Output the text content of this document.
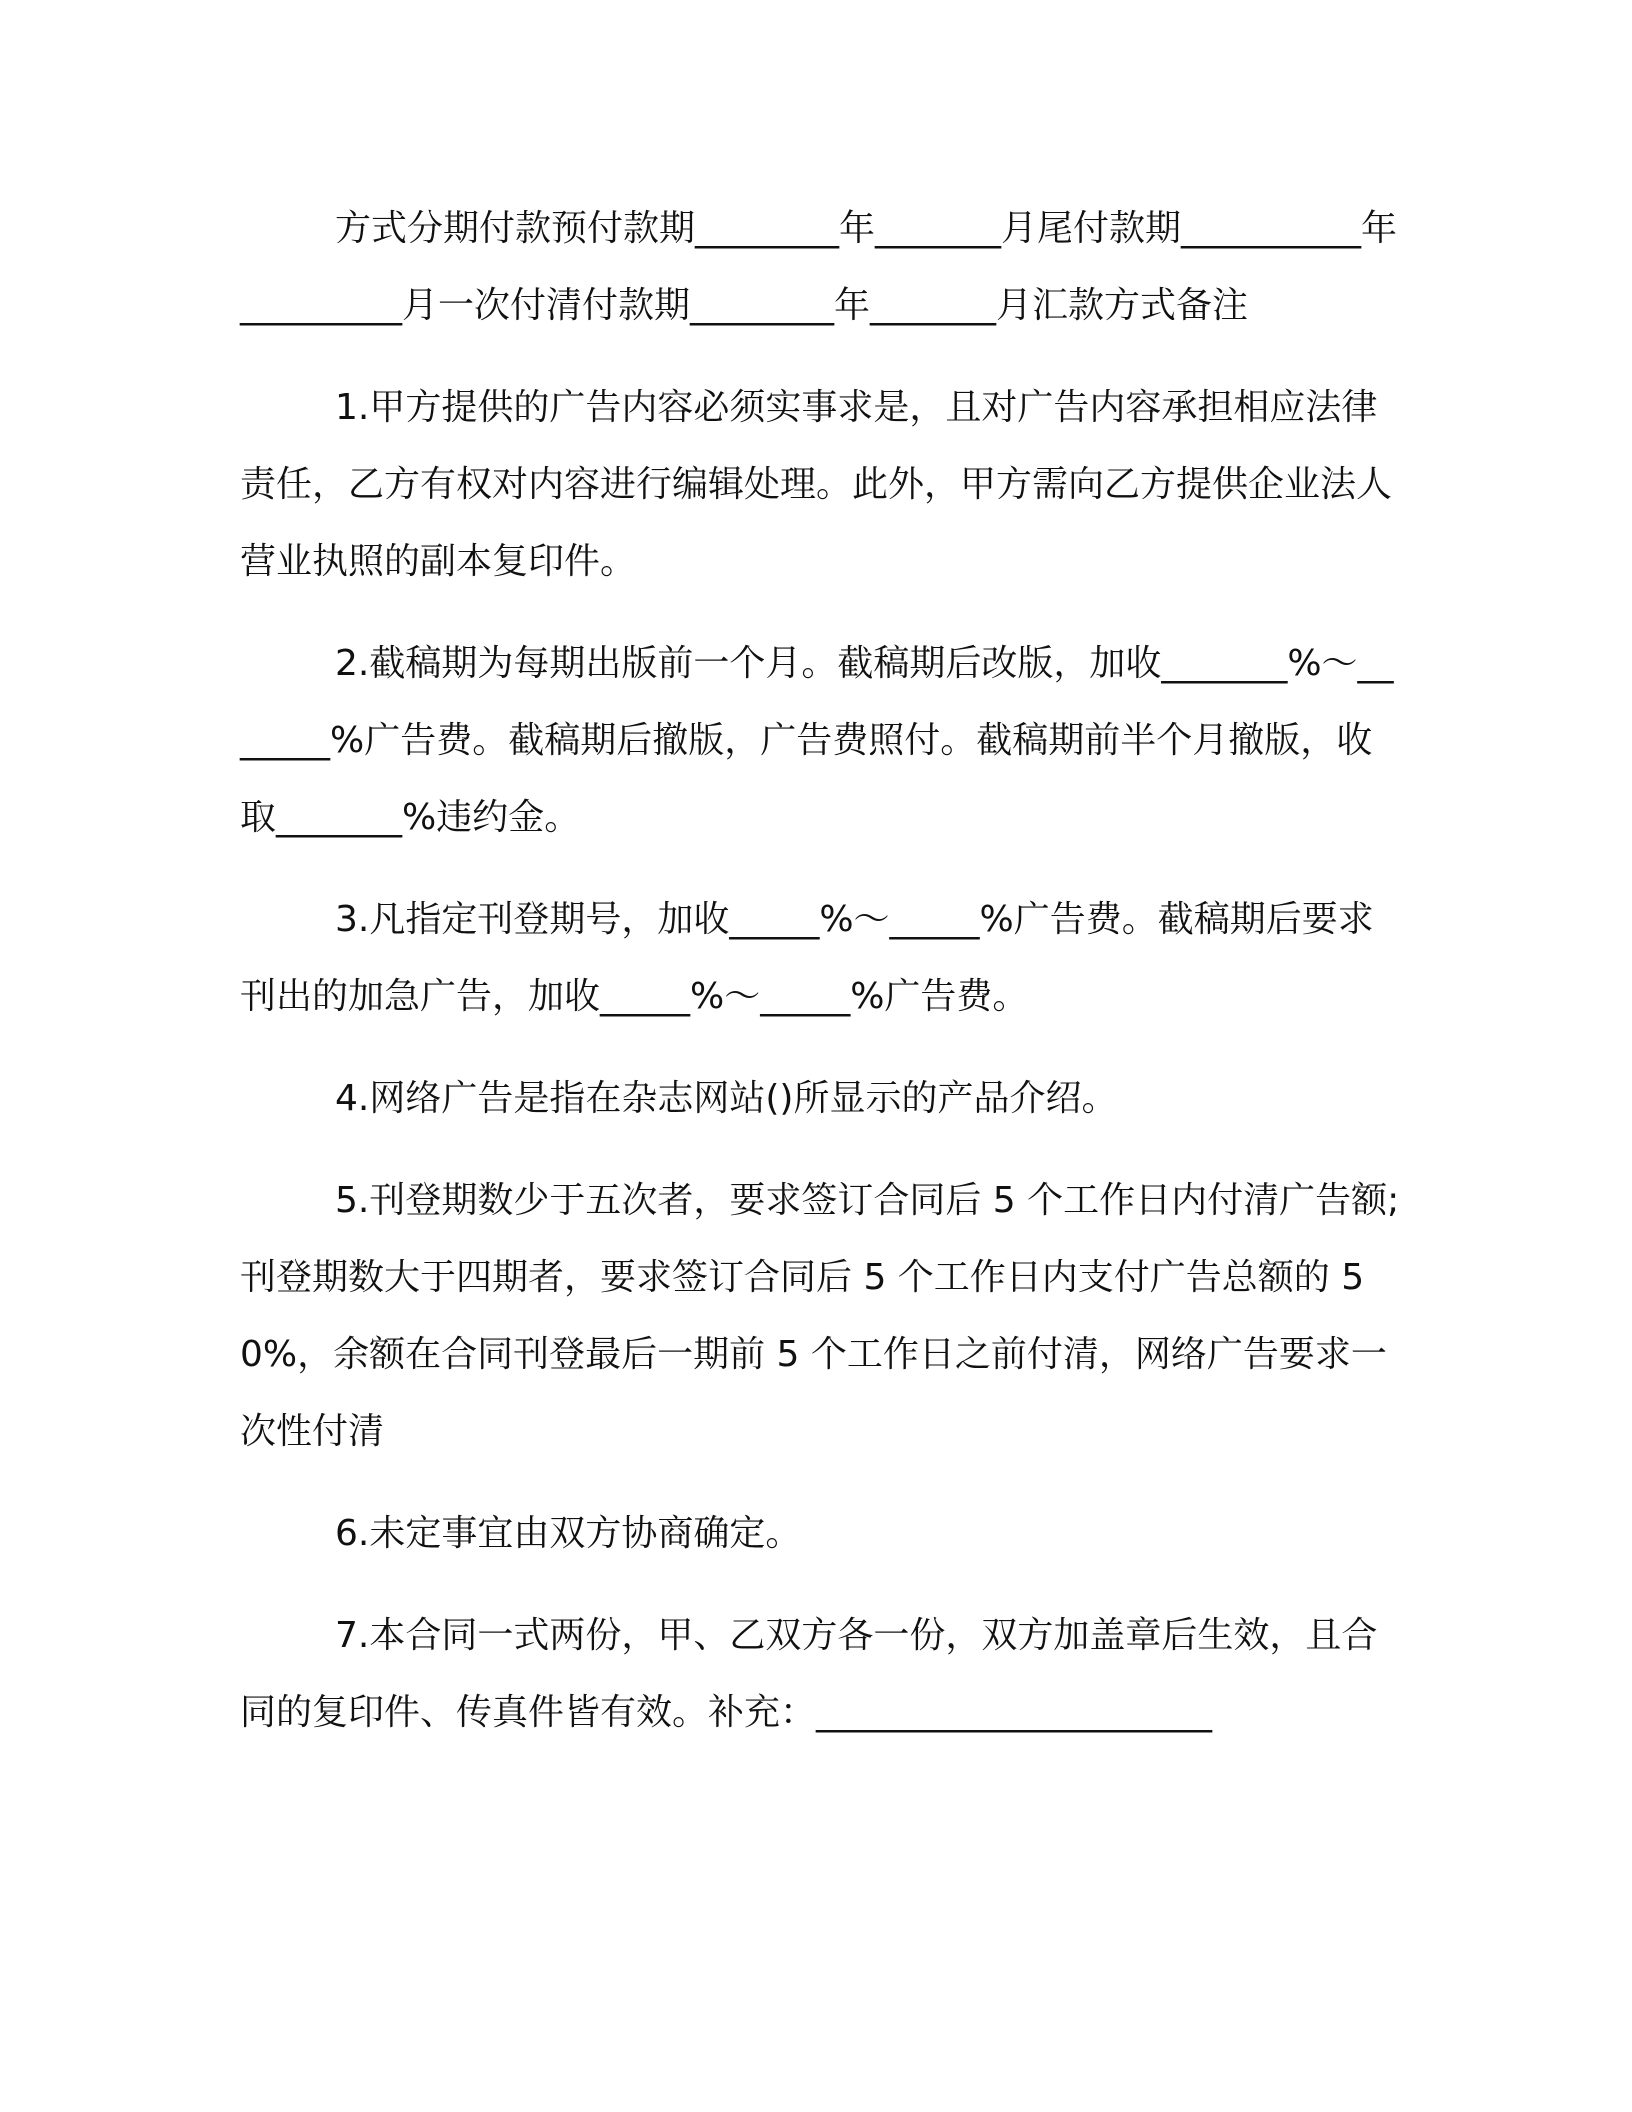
方式分期付款预付款期________年_______月尾付款期__________年_________月一次付清付款期________年_______月汇款方式备注

1.甲方提供的广告内容必须实事求是，且对广告内容承担相应法律责任，乙方有权对内容进行编辑处理。此外，甲方需向乙方提供企业法人营业执照的副本复印件。

2.截稿期为每期出版前一个月。截稿期后改版，加收_______%～_______%广告费。截稿期后撤版，广告费照付。截稿期前半个月撤版，收取_______%违约金。

3.凡指定刊登期号，加收_____%～_____%广告费。截稿期后要求刊出的加急广告，加收_____%～_____%广告费。

4.网络广告是指在杂志网站()所显示的产品介绍。

5.刊登期数少于五次者，要求签订合同后 5 个工作日内付清广告额;刊登期数大于四期者，要求签订合同后 5 个工作日内支付广告总额的 50%，余额在合同刊登最后一期前 5 个工作日之前付清，网络广告要求一次性付清

6.未定事宜由双方协商确定。

7.本合同一式两份，甲、乙双方各一份，双方加盖章后生效，且合同的复印件、传真件皆有效。补充：______________________
